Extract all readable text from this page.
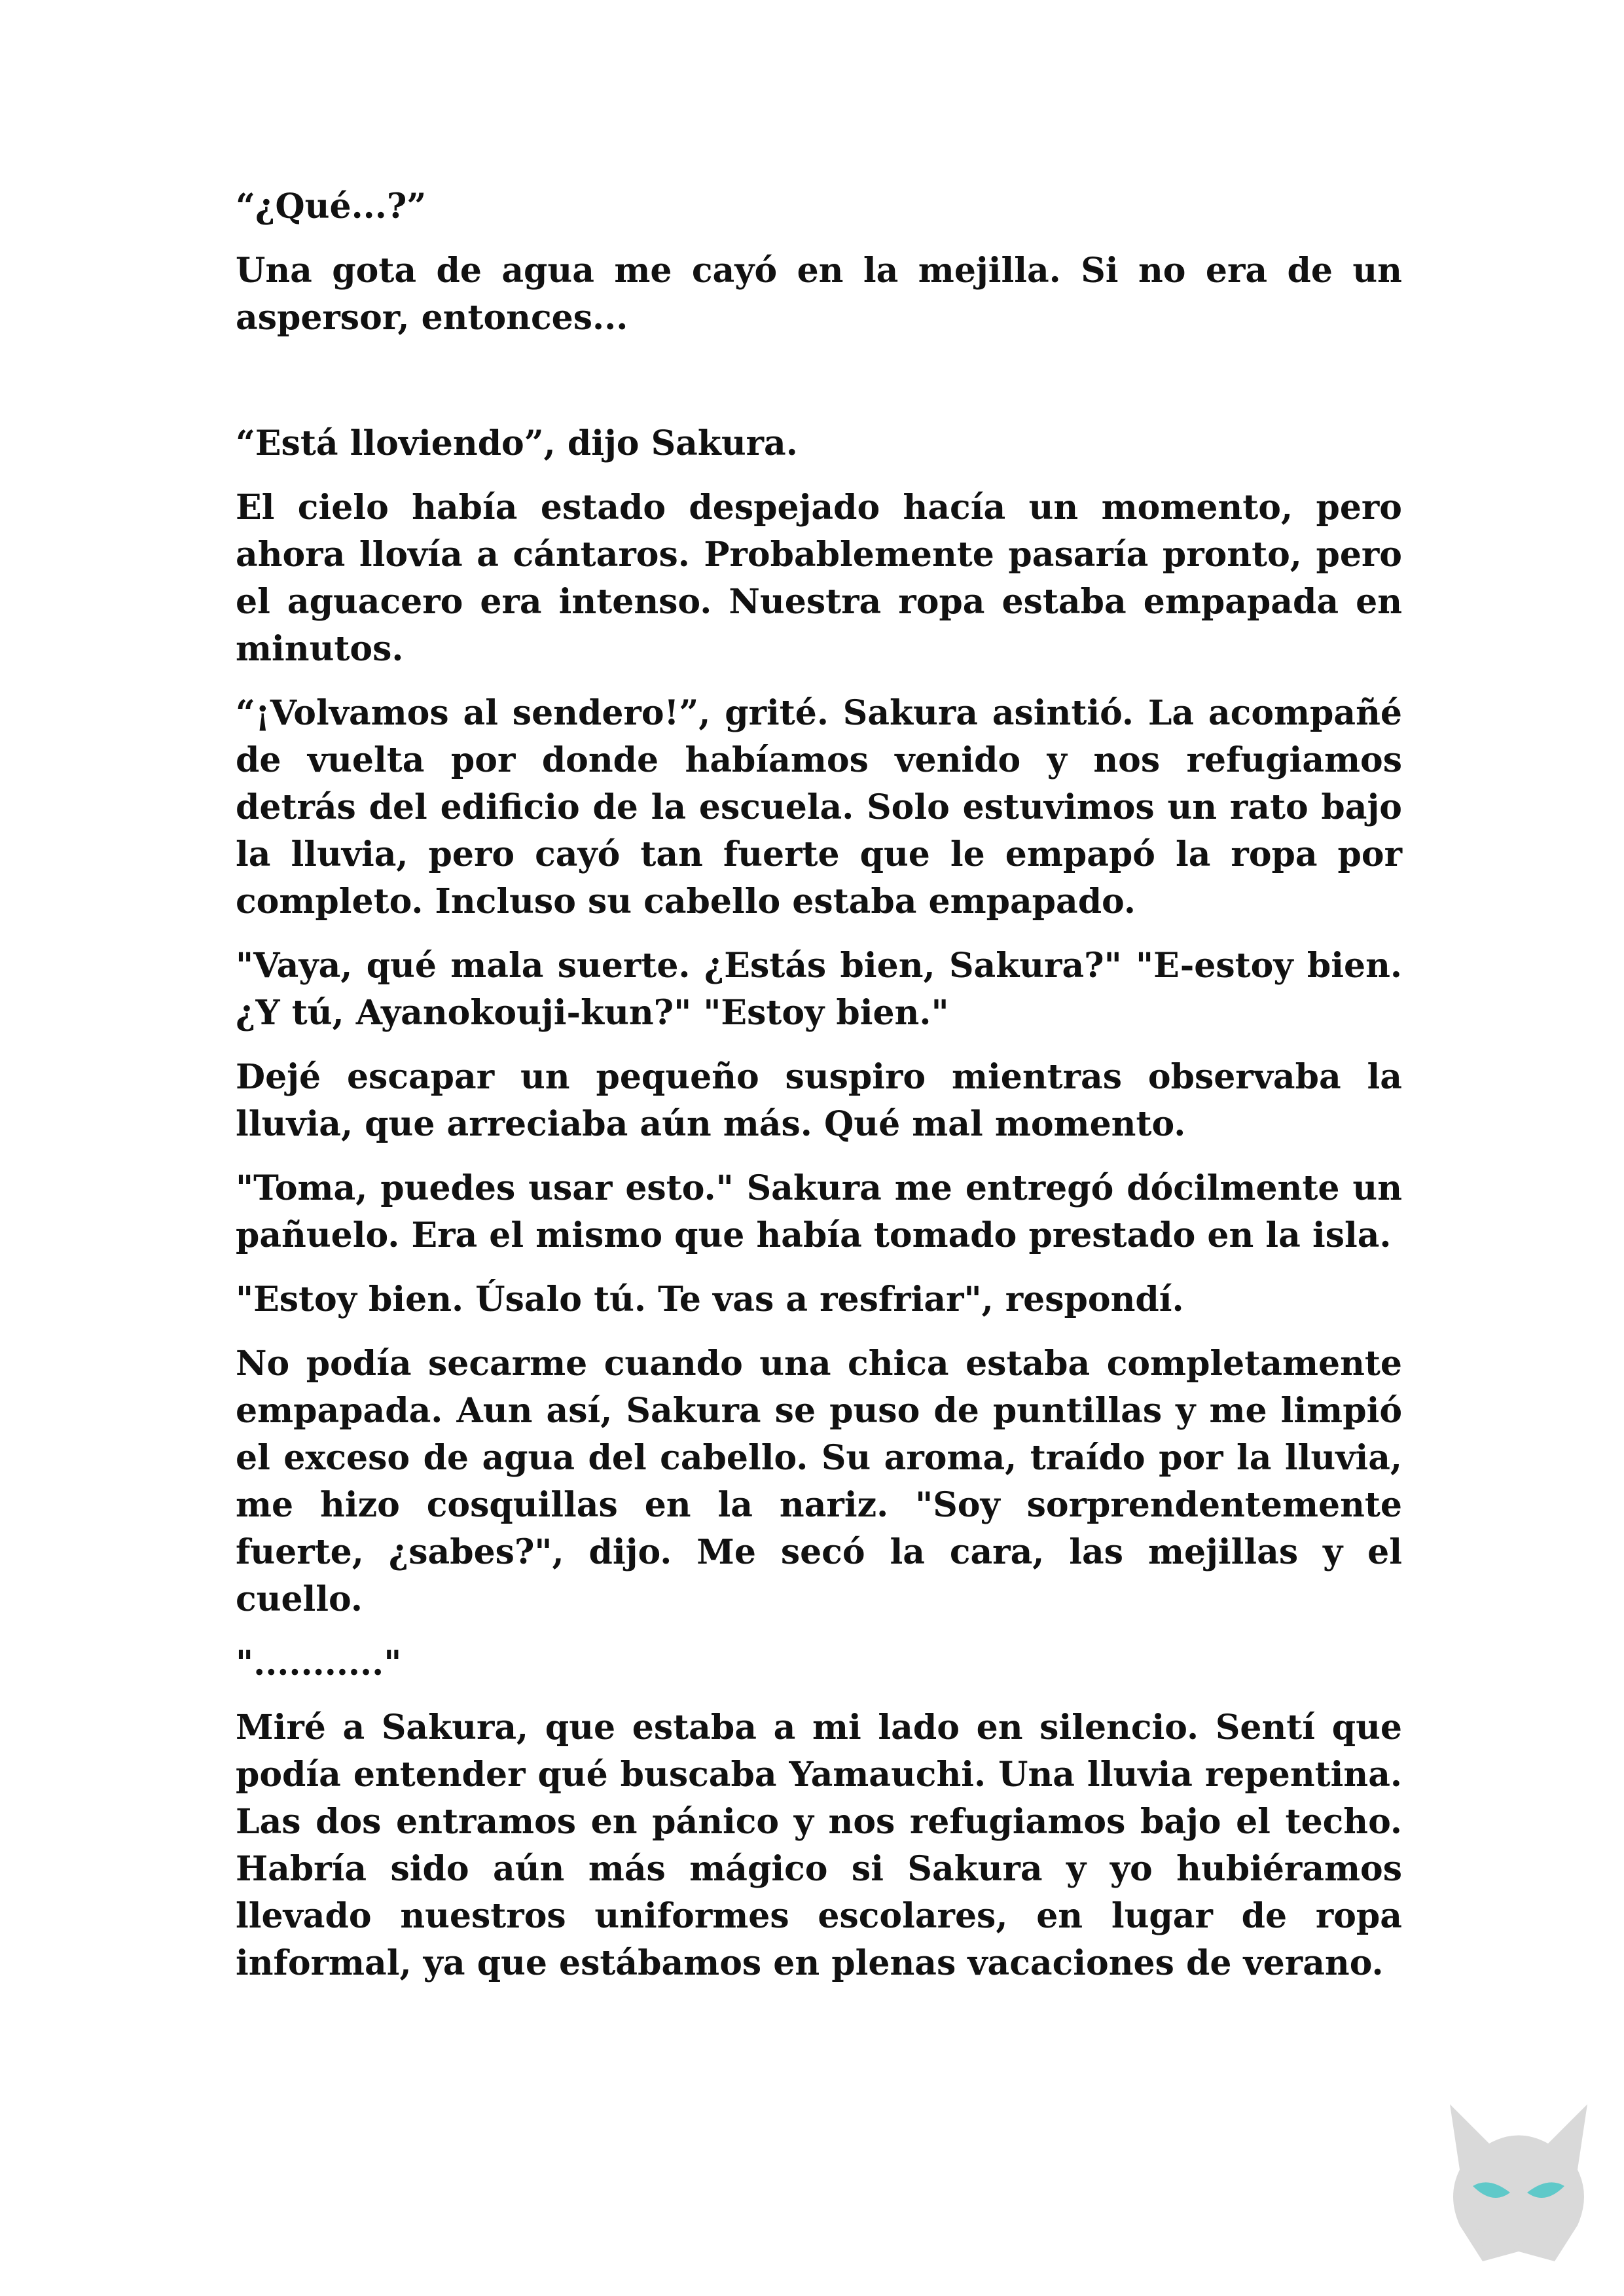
“¿Qué...?”

Una gota de agua me cayó en la mejilla. Si no era de un aspersor, entonces...

“Está lloviendo”, dijo Sakura.

El cielo había estado despejado hacía un momento, pero ahora llovía a cántaros. Probablemente pasaría pronto, pero el aguacero era intenso. Nuestra ropa estaba empapada en minutos.

“¡Volvamos al sendero!”, grité. Sakura asintió. La acompañé de vuelta por donde habíamos venido y nos refugiamos detrás del edificio de la escuela. Solo estuvimos un rato bajo la lluvia, pero cayó tan fuerte que le empapó la ropa por completo. Incluso su cabello estaba empapado.

"Vaya, qué mala suerte. ¿Estás bien, Sakura?" "E-estoy bien. ¿Y tú, Ayanokouji-kun?" "Estoy bien."

Dejé escapar un pequeño suspiro mientras observaba la lluvia, que arreciaba aún más. Qué mal momento.

"Toma, puedes usar esto." Sakura me entregó dócilmente un pañuelo. Era el mismo que había tomado prestado en la isla.

"Estoy bien. Úsalo tú. Te vas a resfriar", respondí.

No podía secarme cuando una chica estaba completamente empapada. Aun así, Sakura se puso de puntillas y me limpió el exceso de agua del cabello. Su aroma, traído por la lluvia, me hizo cosquillas en la nariz. "Soy sorprendentemente fuerte, ¿sabes?", dijo. Me secó la cara, las mejillas y el cuello.

"..........."

Miré a Sakura, que estaba a mi lado en silencio. Sentí que podía entender qué buscaba Yamauchi. Una lluvia repentina. Las dos entramos en pánico y nos refugiamos bajo el techo. Habría sido aún más mágico si Sakura y yo hubiéramos llevado nuestros uniformes escolares, en lugar de ropa informal, ya que estábamos en plenas vacaciones de verano.
